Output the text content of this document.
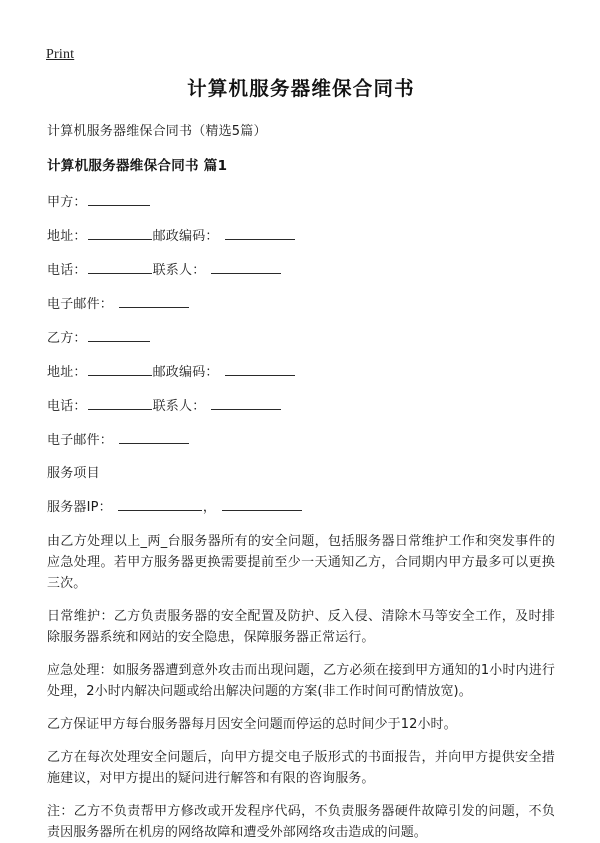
Print
计算机服务器维保合同书

计算机服务器维保合同书（精选5篇）

计算机服务器维保合同书 篇1

甲方：

地址：	邮政编码：

电话：	联系人：

电子邮件：

乙方：

地址：	邮政编码：

电话：	联系人：

电子邮件：

服务项目

服务器IP：	，

由乙方处理以上_两_台服务器所有的安全问题，包括服务器日常维护工作和突发事件的应急处理。若甲方服务器更换需要提前至少一天通知乙方，合同期内甲方最多可以更换三次。

日常维护：乙方负责服务器的安全配置及防护、反入侵、清除木马等安全工作，及时排除服务器系统和网站的安全隐患，保障服务器正常运行。

应急处理：如服务器遭到意外攻击而出现问题，乙方必须在接到甲方通知的1小时内进行处理，2小时内解决问题或给出解决问题的方案(非工作时间可酌情放宽)。

乙方保证甲方每台服务器每月因安全问题而停运的总时间少于12小时。

乙方在每次处理安全问题后，向甲方提交电子版形式的书面报告，并向甲方提供安全措施建议，对甲方提出的疑问进行解答和有限的咨询服务。

注：乙方不负责帮甲方修改或开发程序代码，不负责服务器硬件故障引发的问题，不负责因服务器所在机房的网络故障和遭受外部网络攻击造成的问题。
